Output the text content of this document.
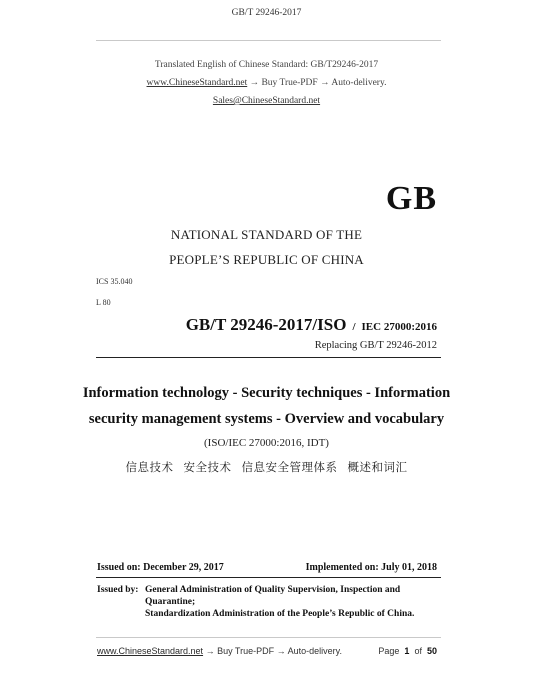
GB/T 29246-2017
Translated English of Chinese Standard: GB/T29246-2017
www.ChineseStandard.net → Buy True-PDF → Auto-delivery.
Sales@ChineseStandard.net
GB
NATIONAL STANDARD OF THE
PEOPLE’S REPUBLIC OF CHINA
ICS 35.040
L 80
GB/T 29246-2017/ISO / IEC 27000:2016
Replacing GB/T 29246-2012
Information technology - Security techniques - Information
security management systems - Overview and vocabulary
(ISO/IEC 27000:2016, IDT)
信息技术 安全技术 信息安全管理体系 概述和词汇
Issued on: December 29, 2017	Implemented on: July 01, 2018
Issued by: General Administration of Quality Supervision, Inspection and
Quarantine;
Standardization Administration of the People’s Republic of China.
www.ChineseStandard.net → Buy True-PDF → Auto-delivery.	Page 1 of 50
